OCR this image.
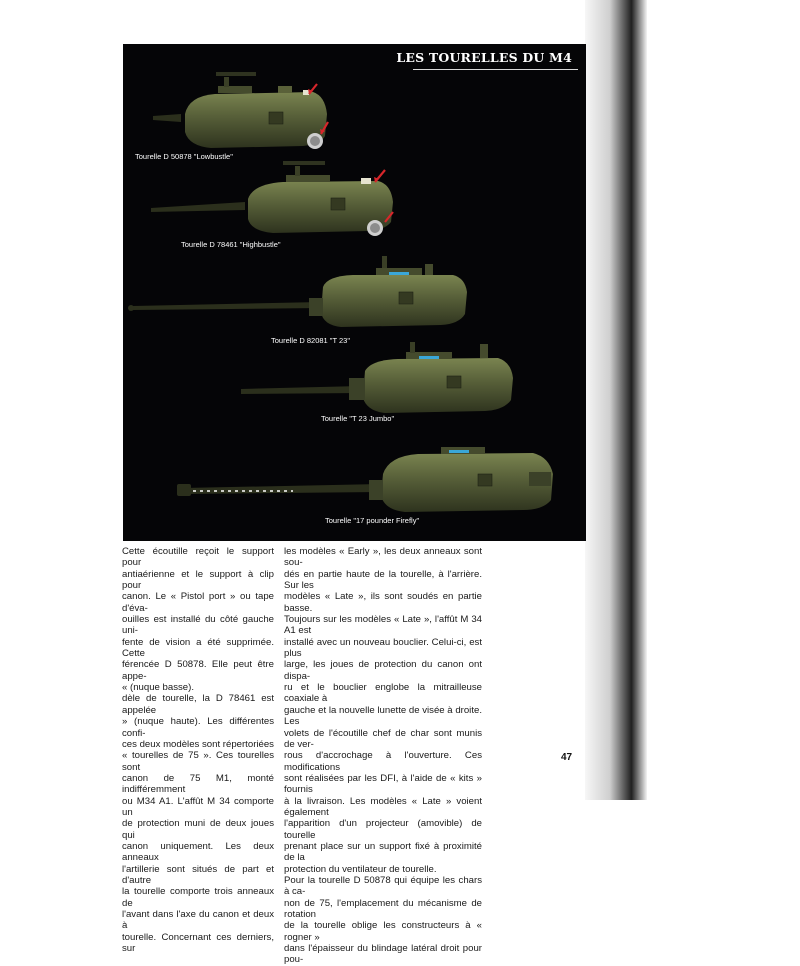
LES TOURELLES DU M4
Tourelle D 50878 "Lowbustle"
Tourelle D 78461 "Highbustle"
Tourelle D 82081 "T 23"
Tourelle "T 23 Jumbo"
Tourelle "17 pounder Firefly"

Cette écoutille reçoit le support pour

antiaérienne et le support à clip pour

canon. Le « Pistol port » ou tape d'éva-

ouilles est installé du côté gauche uni-

fente de vision a été supprimée. Cette

férencée D 50878. Elle peut être appe-

« (nuque basse).

dèle de tourelle, la D 78461 est appelée

» (nuque haute). Les différentes confi-

ces deux modèles sont répertoriées

« tourelles de 75 ». Ces tourelles sont

canon de 75 M1, monté indifféremment

ou M34 A1. L'affût M 34 comporte un

de protection muni de deux joues qui

canon uniquement. Les deux anneaux

l'artillerie sont situés de part et d'autre

la tourelle comporte trois anneaux de

l'avant dans l'axe du canon et deux à

tourelle. Concernant ces derniers, sur

les modèles « Early », les deux anneaux sont sou-

dés en partie haute de la tourelle, à l'arrière. Sur les

modèles « Late », ils sont soudés en partie basse.

Toujours sur les modèles « Late », l'affût M 34 A1 est

installé avec un nouveau bouclier. Celui-ci, est plus

large, les joues de protection du canon ont dispa-

ru et le bouclier englobe la mitrailleuse coaxiale à

gauche et la nouvelle lunette de visée à droite. Les

volets de l'écoutille chef de char sont munis de ver-

rous d'accrochage à l'ouverture. Ces modifications

sont réalisées par les DFI, à l'aide de « kits » fournis

à la livraison. Les modèles « Late » voient également

l'apparition d'un projecteur (amovible) de tourelle

prenant place sur un support fixé à proximité de la

protection du ventilateur de tourelle.

Pour la tourelle D 50878 qui équipe les chars à ca-

non de 75, l'emplacement du mécanisme de rotation

de la tourelle oblige les constructeurs à « rogner »

dans l'épaisseur du blindage latéral droit pour pou-

47
